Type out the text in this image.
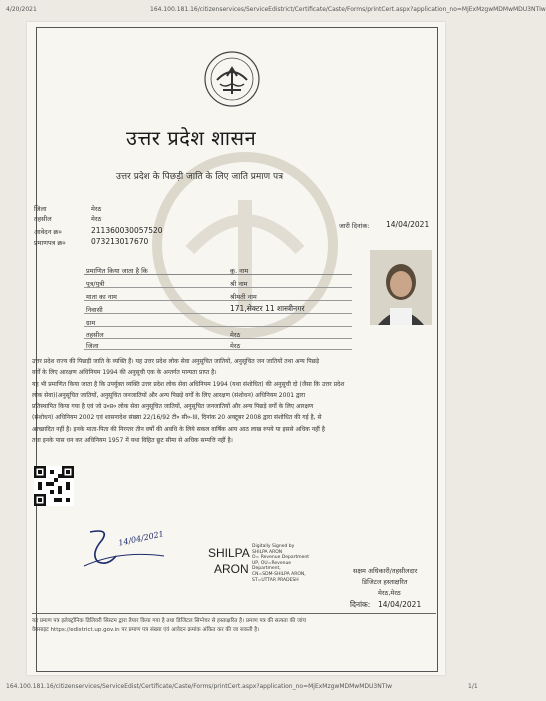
4/20/2021	164.100.181.16/citizenservices/ServiceEdistrict/Certificate/Caste/Forms/printCert.aspx?application_no=MjExMzgwMDMwMDU3NTIw
उत्तर प्रदेश शासन
उत्तर प्रदेश के पिछड़ी जाति के लिए जाति प्रमाण पत्र
जिला	मेरठ
तहसील	मेरठ
आवेदन क्र०	211360030057520
प्रमाणपत्र क्र०	073213017670
जारी दिनांक: 14/04/2021
प्रमाणित किया जाता है कि	कु. नाम
पुत्र/पुत्री	श्री नाम
माता का नाम	श्रीमती नाम
निवासी	171,सेक्टर 11 शास्त्रीनगर
ग्राम
तहसील	मेरठ
जिला	मेरठ
उत्तर प्रदेश राज्य की पिछड़ी जाति के व्यक्ति हैं। यह उत्तर प्रदेश लोक सेवा अनुसूचित जातियों, अनुसूचित जन जातियों तथा अन्य पिछड़े
वर्गों के लिए आरक्षण अधिनियम 1994 की अनुसूची एक के अन्तर्गत मान्यता प्राप्त है।
यह भी प्रमाणित किया जाता है कि उपर्युक्त व्यक्ति उत्तर प्रदेश लोक सेवा अधिनियम 1994 (यथा संशोधित) की अनुसूची दो (जैसा कि उत्तर प्रदेश
लोक सेवा)(अनुसूचित जातियों, अनुसूचित जनजातियों और अन्य पिछड़े वर्गों के लिए आरक्षण (संशोधन) अधिनियम 2001 द्वारा
प्रतिस्थापित किया गया है एवं जो उ०प्र० लोक सेवा अनुसूचित जातियों, अनुसूचित जनजातियों और अन्य पिछड़े वर्गों के लिए आरक्षण
(संशोधन) अधिनियम 2002 एवं शासनादेश संख्या 22/16/92 टी० सी०-III, दिनांक 20 अक्टूबर 2008 द्वारा संशोधित की गई है, से
आच्छादित नहीं है। इनके माता-पिता की निरन्तर तीन वर्षों की अवधि के लिये सकल वार्षिक आय आठ लाख रुपये या इससे अधिक नहीं है
तथा इनके पास धन कर अधिनियम 1957 में यथा विहित छूट सीमा से अधिक सम्पत्ति नहीं है।
14/04/2021
SHILPA
ARON
Digitally Signed by
SHILPA ARON
O= Revenue Department
UP, OU=Revenue
Department,
CN=SDM-SHILPA ARON,
ST=UTTAR PRADESH
सक्षम अधिकारी/तहसीलदार
डिजिटल हस्ताक्षरित
मेरठ,मेरठ
दिनांक: 14/04/2021
यह प्रमाण पत्र इलेक्ट्रॉनिक डिलिवरी सिस्टम द्वारा तैयार किया गया है तथा डिजिटल सिग्नेचर से हस्ताक्षरित है। प्रमाण पत्र की सत्यता की जांच
वेबसाइट https://edistrict.up.gov.in पर प्रमाण पत्र संख्या एवं आवेदन क्रमांक अंकित कर की जा सकती है।
164.100.181.16/citizenservices/ServiceEdist/Certificate/Caste/Forms/printCert.aspx?application_no=MjExMzgwMDMwMDU3NTIw	1/1
